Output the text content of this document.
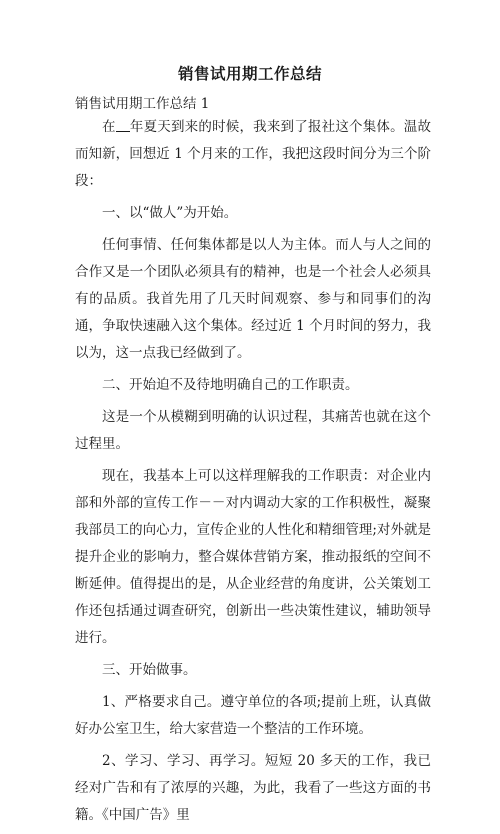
销售试用期工作总结
销售试用期工作总结 1

在 年夏天到来的时候，我来到了报社这个集体。温故而知新，回想近 1 个月来的工作，我把这段时间分为三个阶段：

一、以“做人”为开始。

任何事情、任何集体都是以人为主体。而人与人之间的合作又是一个团队必须具有的精神，也是一个社会人必须具有的品质。我首先用了几天时间观察、参与和同事们的沟通，争取快速融入这个集体。经过近 1 个月时间的努力，我以为，这一点我已经做到了。

二、开始迫不及待地明确自己的工作职责。

这是一个从模糊到明确的认识过程，其痛苦也就在这个过程里。

现在，我基本上可以这样理解我的工作职责：对企业内部和外部的宣传工作－－对内调动大家的工作积极性，凝聚我部员工的向心力，宣传企业的人性化和精细管理;对外就是提升企业的影响力，整合媒体营销方案，推动报纸的空间不断延伸。值得提出的是，从企业经营的角度讲，公关策划工作还包括通过调查研究，创新出一些决策性建议，辅助领导进行。

三、开始做事。

1、严格要求自己。遵守单位的各项;提前上班，认真做好办公室卫生，给大家营造一个整洁的工作环境。

2、学习、学习、再学习。短短 20 多天的工作，我已经对广告和有了浓厚的兴趣，为此，我看了一些这方面的书籍。《中国广告》里
